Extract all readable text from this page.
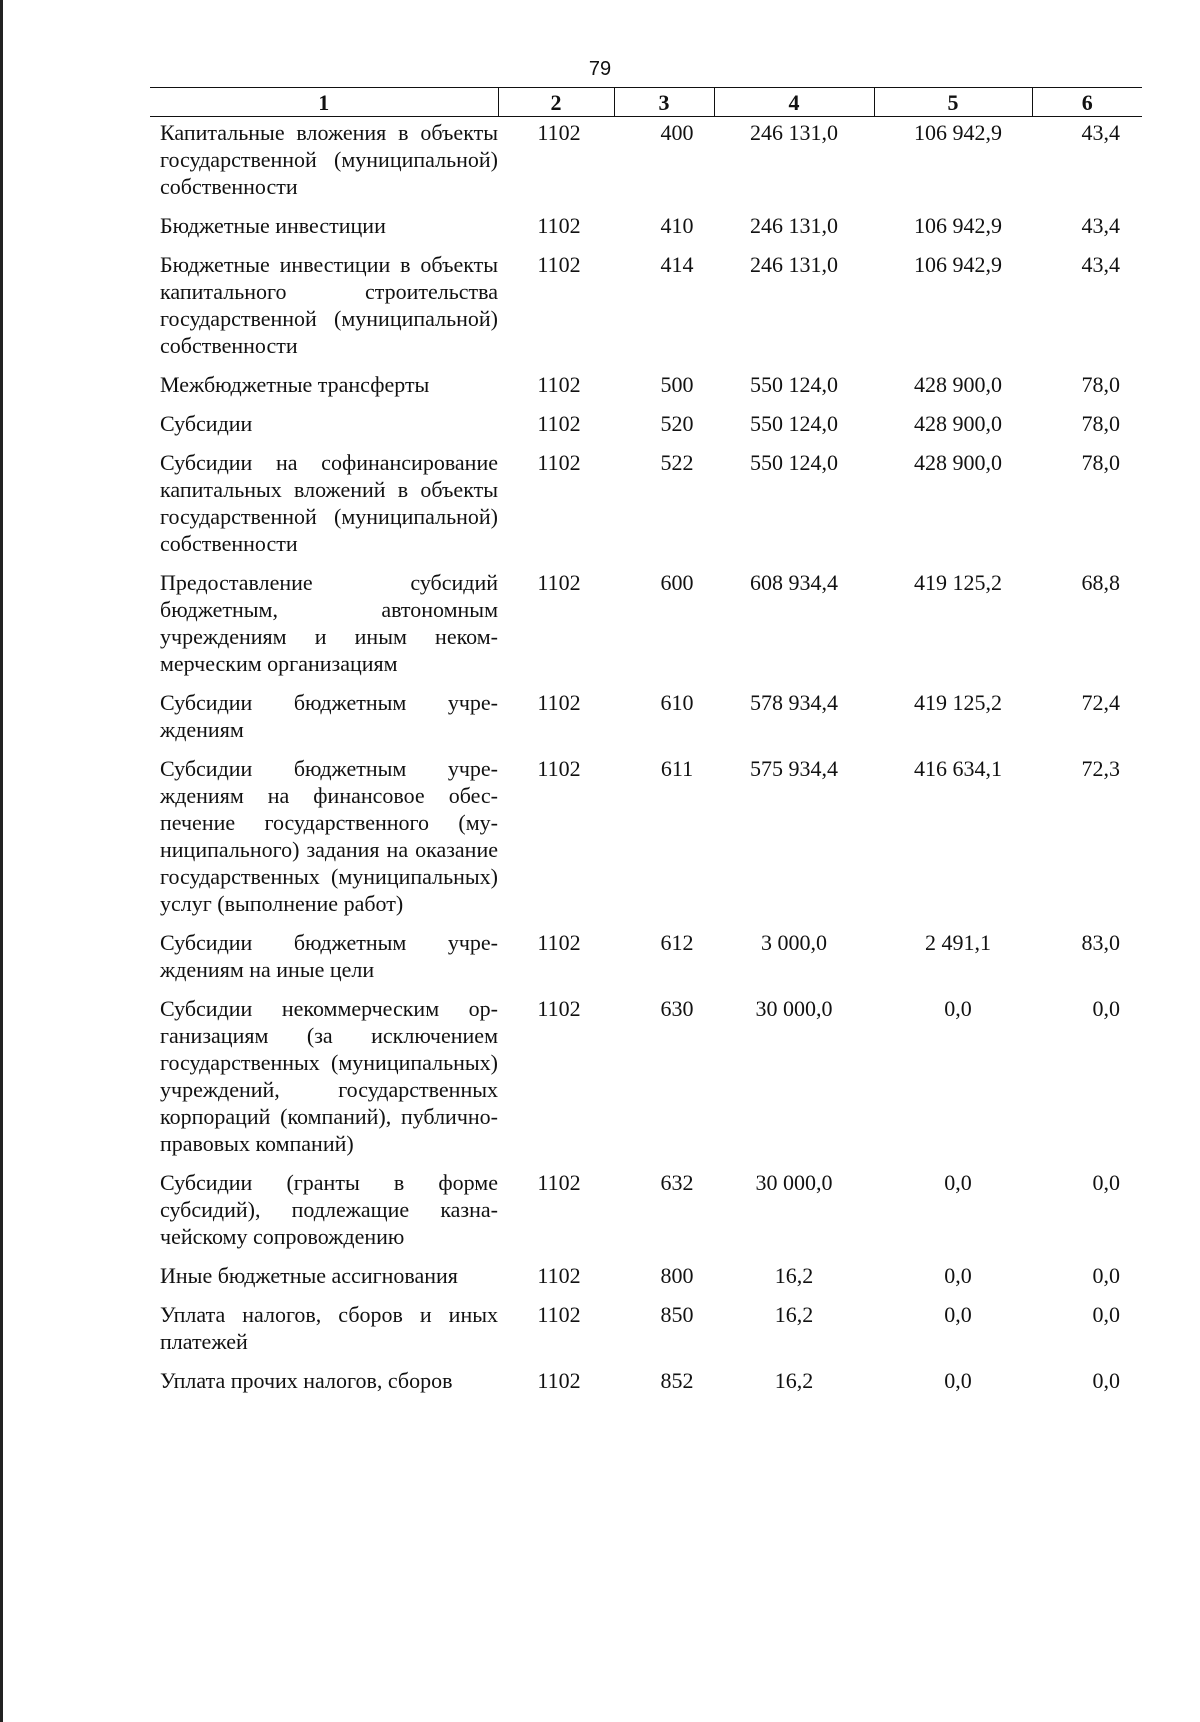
79
1	2	3	4	5	6
Капитальные вложения в объекты государственной (муниципальной) собственности	1102	400	246 131,0	106 942,9	43,4
Бюджетные инвестиции	1102	410	246 131,0	106 942,9	43,4
Бюджетные инвестиции в объекты капитального строительства государственной (муниципальной) собственности	1102	414	246 131,0	106 942,9	43,4
Межбюджетные трансферты	1102	500	550 124,0	428 900,0	78,0
Субсидии	1102	520	550 124,0	428 900,0	78,0
Субсидии на софинансирование капитальных вложений в объекты государственной (муниципальной) собственности	1102	522	550 124,0	428 900,0	78,0
Предоставление субсидий бюджетным, автономным учреждениям и иным некоммерческим организациям	1102	600	608 934,4	419 125,2	68,8
Субсидии бюджетным учреждениям	1102	610	578 934,4	419 125,2	72,4
Субсидии бюджетным учреждениям на финансовое обеспечение государственного (муниципального) задания на оказание государственных (муниципальных) услуг (выполнение работ)	1102	611	575 934,4	416 634,1	72,3
Субсидии бюджетным учреждениям на иные цели	1102	612	3 000,0	2 491,1	83,0
Субсидии некоммерческим организациям (за исключением государственных (муниципальных) учреждений, государственных корпораций (компаний), публично-правовых компаний)	1102	630	30 000,0	0,0	0,0
Субсидии (гранты в форме субсидий), подлежащие казначейскому сопровождению	1102	632	30 000,0	0,0	0,0
Иные бюджетные ассигнования	1102	800	16,2	0,0	0,0
Уплата налогов, сборов и иных платежей	1102	850	16,2	0,0	0,0
Уплата прочих налогов, сборов	1102	852	16,2	0,0	0,0
